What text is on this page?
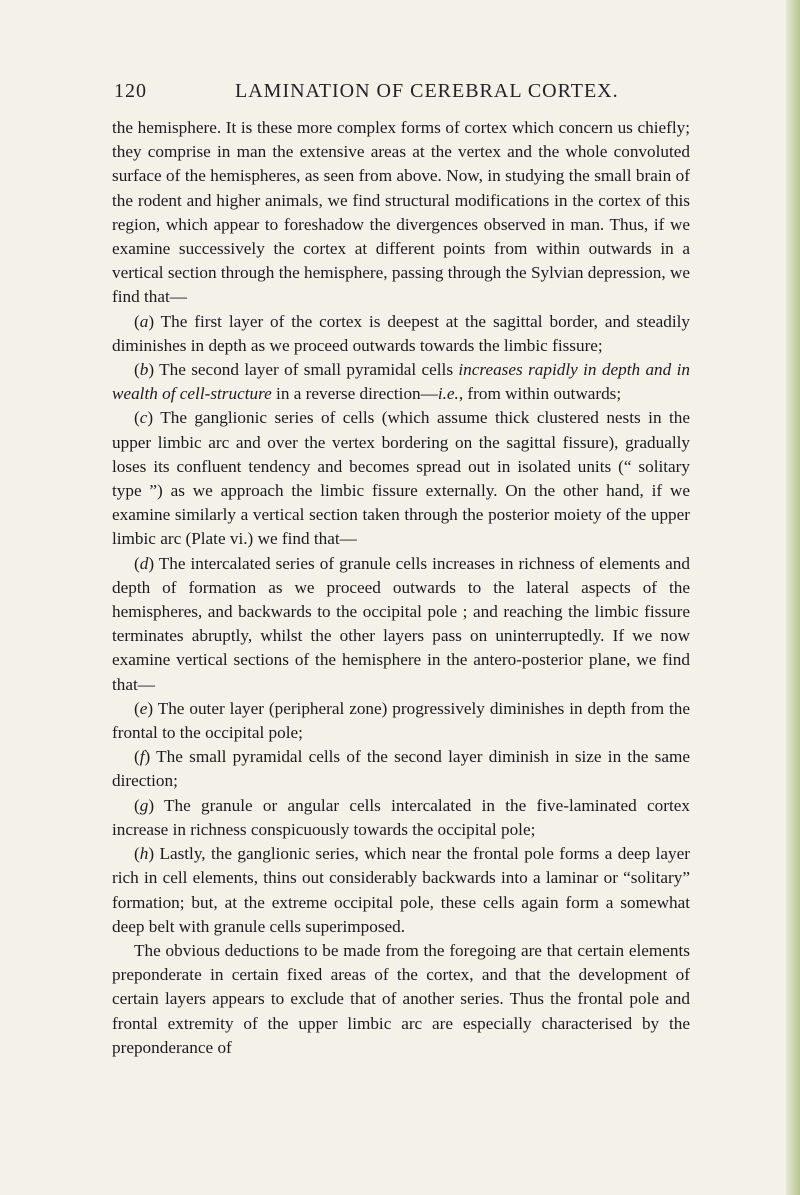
120	LAMINATION OF CEREBRAL CORTEX.

the hemisphere. It is these more complex forms of cortex which concern us chiefly; they comprise in man the extensive areas at the vertex and the whole convoluted surface of the hemispheres, as seen from above. Now, in studying the small brain of the rodent and higher animals, we find structural modifications in the cortex of this region, which appear to foreshadow the divergences observed in man. Thus, if we examine successively the cortex at different points from within outwards in a vertical section through the hemisphere, passing through the Sylvian depression, we find that—

(a) The first layer of the cortex is deepest at the sagittal border, and steadily diminishes in depth as we proceed outwards towards the limbic fissure;

(b) The second layer of small pyramidal cells increases rapidly in depth and in wealth of cell-structure in a reverse direction—i.e., from within outwards;

(c) The ganglionic series of cells (which assume thick clustered nests in the upper limbic arc and over the vertex bordering on the sagittal fissure), gradually loses its confluent tendency and becomes spread out in isolated units (“ solitary type ”) as we approach the limbic fissure externally. On the other hand, if we examine similarly a vertical section taken through the posterior moiety of the upper limbic arc (Plate vi.) we find that—

(d) The intercalated series of granule cells increases in richness of elements and depth of formation as we proceed outwards to the lateral aspects of the hemispheres, and backwards to the occipital pole ; and reaching the limbic fissure terminates abruptly, whilst the other layers pass on uninterruptedly. If we now examine vertical sections of the hemisphere in the antero-posterior plane, we find that—

(e) The outer layer (peripheral zone) progressively diminishes in depth from the frontal to the occipital pole;

(f) The small pyramidal cells of the second layer diminish in size in the same direction;

(g) The granule or angular cells intercalated in the five-laminated cortex increase in richness conspicuously towards the occipital pole;

(h) Lastly, the ganglionic series, which near the frontal pole forms a deep layer rich in cell elements, thins out considerably backwards into a laminar or “solitary” formation; but, at the extreme occipital pole, these cells again form a somewhat deep belt with granule cells superimposed.

The obvious deductions to be made from the foregoing are that certain elements preponderate in certain fixed areas of the cortex, and that the development of certain layers appears to exclude that of another series. Thus the frontal pole and frontal extremity of the upper limbic arc are especially characterised by the preponderance of
